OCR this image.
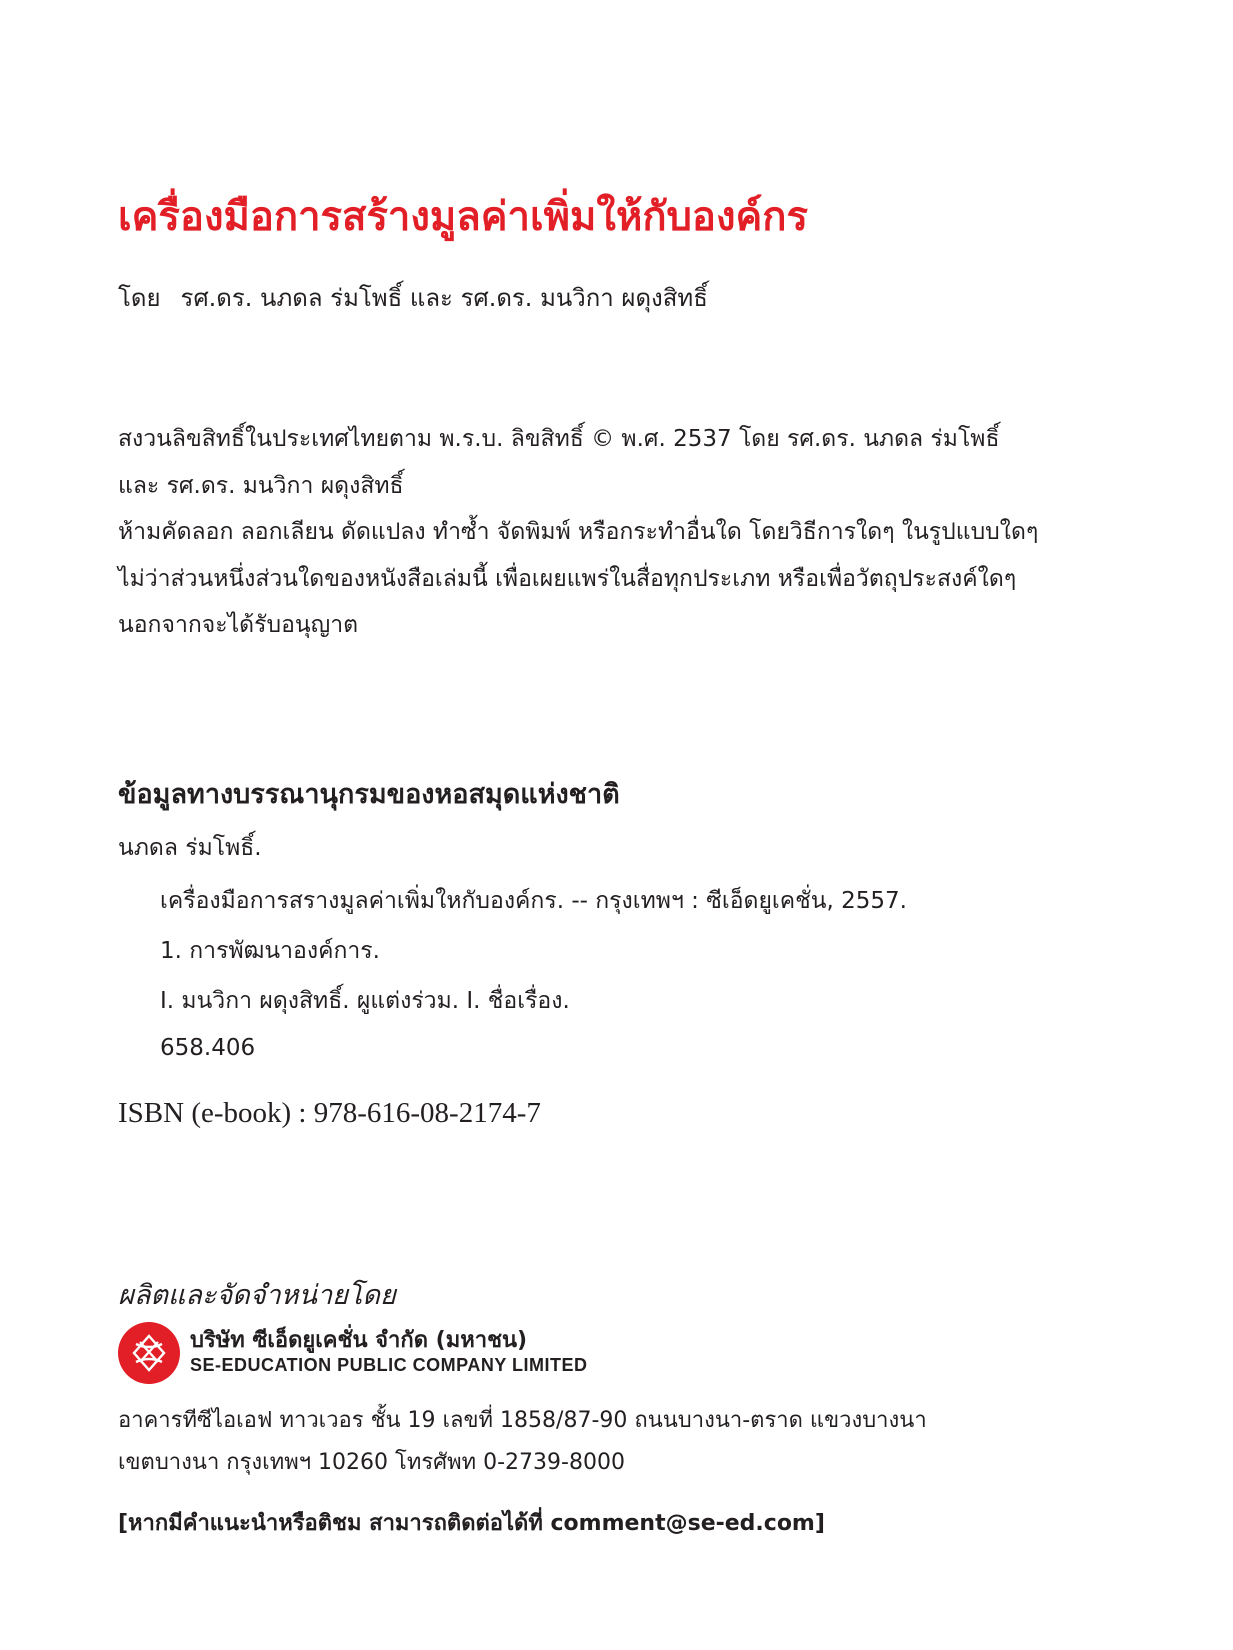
เครื่องมือการสร้างมูลค่าเพิ่มให้กับองค์กร
โดย รศ.ดร. นภดล ร่มโพธิ์ และ รศ.ดร. มนวิกา ผดุงสิทธิ์
สงวนลิขสิทธิ์ในประเทศไทยตาม พ.ร.บ. ลิขสิทธิ์ © พ.ศ. 2537 โดย รศ.ดร. นภดล ร่มโพธิ์
และ รศ.ดร. มนวิกา ผดุงสิทธิ์
ห้ามคัดลอก ลอกเลียน ดัดแปลง ทำซ้ำ จัดพิมพ์ หรือกระทำอื่นใด โดยวิธีการใดๆ ในรูปแบบใดๆ
ไม่ว่าส่วนหนึ่งส่วนใดของหนังสือเล่มนี้ เพื่อเผยแพร่ในสื่อทุกประเภท หรือเพื่อวัตถุประสงค์ใดๆ
นอกจากจะได้รับอนุญาต
ข้อมูลทางบรรณานุกรมของหอสมุดแห่งชาติ
นภดล ร่มโพธิ์.
เครื่องมือการสรางมูลค่าเพิ่มใหกับองค์กร. -- กรุงเทพฯ : ซีเอ็ดยูเคชั่น, 2557.
1. การพัฒนาองค์การ.
I. มนวิกา ผดุงสิทธิ์. ผูแต่งร่วม. I. ชื่อเรื่อง.
658.406
ISBN (e-book) : 978-616-08-2174-7
ผลิตและจัดจำหน่ายโดย
บริษัท ซีเอ็ดยูเคชั่น จำกัด (มหาชน)
SE-EDUCATION PUBLIC COMPANY LIMITED
อาคารทีซีไอเอฟ ทาวเวอร ชั้น 19 เลขที่ 1858/87-90 ถนนบางนา-ตราด แขวงบางนา
เขตบางนา กรุงเทพฯ 10260 โทรศัพท 0-2739-8000
[หากมีคำแนะนำหรือติชม สามารถติดต่อได้ที่ comment@se-ed.com]
